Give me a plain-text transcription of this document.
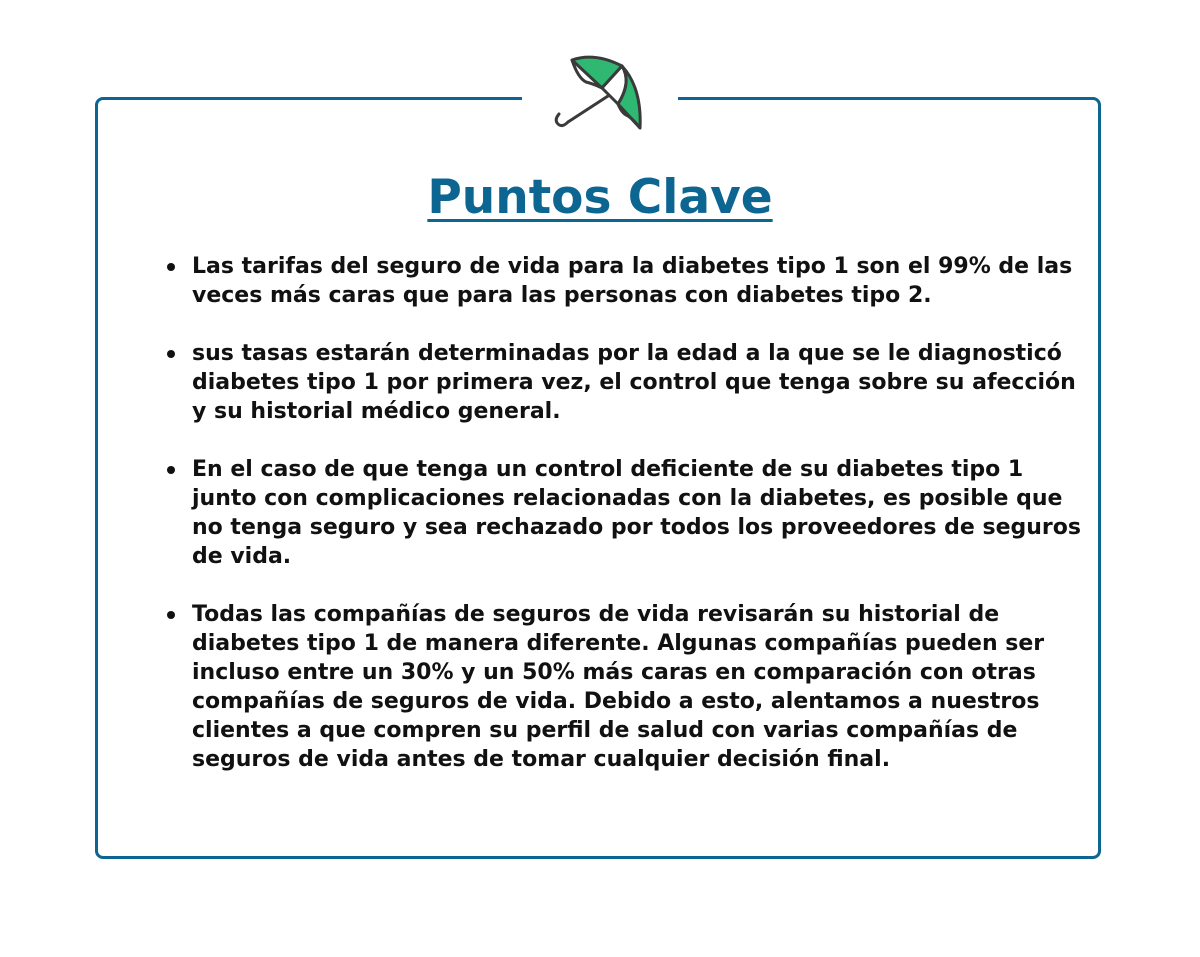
Puntos Clave
Las tarifas del seguro de vida para la diabetes tipo 1 son el 99% de las veces más caras que para las personas con diabetes tipo 2.
sus tasas estarán determinadas por la edad a la que se le diagnosticó diabetes tipo 1 por primera vez, el control que tenga sobre su afección y su historial médico general.
En el caso de que tenga un control deficiente de su diabetes tipo 1 junto con complicaciones relacionadas con la diabetes, es posible que no tenga seguro y sea rechazado por todos los proveedores de seguros de vida.
Todas las compañías de seguros de vida revisarán su historial de diabetes tipo 1 de manera diferente. Algunas compañías pueden ser incluso entre un 30% y un 50% más caras en comparación con otras compañías de seguros de vida. Debido a esto, alentamos a nuestros clientes a que compren su perfil de salud con varias compañías de seguros de vida antes de tomar cualquier decisión final.
